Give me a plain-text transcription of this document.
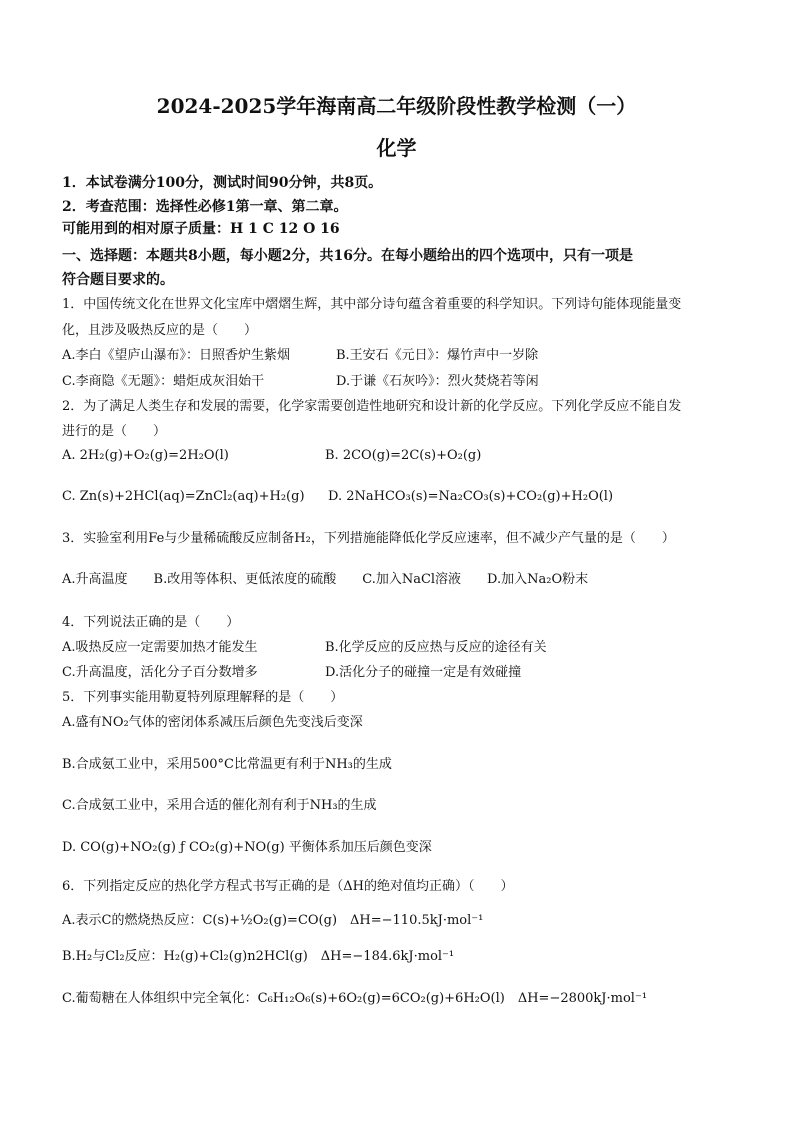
2024-2025学年海南高二年级阶段性教学检测（一）
化学
1．本试卷满分100分，测试时间90分钟，共8页。
2．考查范围：选择性必修1第一章、第二章。
可能用到的相对原子质量：H 1 C 12 O 16
一、选择题：本题共8小题，每小题2分，共16分。在每小题给出的四个选项中，只有一项是
符合题目要求的。
1．中国传统文化在世界文化宝库中熠熠生辉，其中部分诗句蕴含着重要的科学知识。下列诗句能体现能量变
化，且涉及吸热反应的是（　　）
A.李白《望庐山瀑布》：日照香炉生紫烟	B.王安石《元日》：爆竹声中一岁除
C.李商隐《无题》：蜡炬成灰泪始干	D.于谦《石灰吟》：烈火焚烧若等闲
2．为了满足人类生存和发展的需要，化学家需要创造性地研究和设计新的化学反应。下列化学反应不能自发
进行的是（　　）
A. 2H₂(g)+O₂(g)=2H₂O(l)	B. 2CO(g)=2C(s)+O₂(g)
C. Zn(s)+2HCl(aq)=ZnCl₂(aq)+H₂(g) D. 2NaHCO₃(s)=Na₂CO₃(s)+CO₂(g)+H₂O(l)
3．实验室利用Fe与少量稀硫酸反应制备H₂，下列措施能降低化学反应速率，但不减少产气量的是（　　）
A.升高温度　　B.改用等体积、更低浓度的硫酸　　C.加入NaCl溶液　　D.加入Na₂O粉末
4．下列说法正确的是（　　）
A.吸热反应一定需要加热才能发生	B.化学反应的反应热与反应的途径有关
C.升高温度，活化分子百分数增多	D.活化分子的碰撞一定是有效碰撞
5．下列事实能用勒夏特列原理解释的是（　　）
A.盛有NO₂气体的密闭体系减压后颜色先变浅后变深
B.合成氨工业中，采用500°C比常温更有利于NH₃的生成
C.合成氨工业中，采用合适的催化剂有利于NH₃的生成
D. CO(g)+NO₂(g) ƒ CO₂(g)+NO(g) 平衡体系加压后颜色变深
6．下列指定反应的热化学方程式书写正确的是（ΔH的绝对值均正确）（　　）
A.表示C的燃烧热反应：C(s)+½O₂(g)=CO(g)　ΔH=−110.5kJ·mol⁻¹
B.H₂与Cl₂反应：H₂(g)+Cl₂(g)n2HCl(g)　ΔH=−184.6kJ·mol⁻¹
C.葡萄糖在人体组织中完全氧化：C₆H₁₂O₆(s)+6O₂(g)=6CO₂(g)+6H₂O(l)　ΔH=−2800kJ·mol⁻¹
